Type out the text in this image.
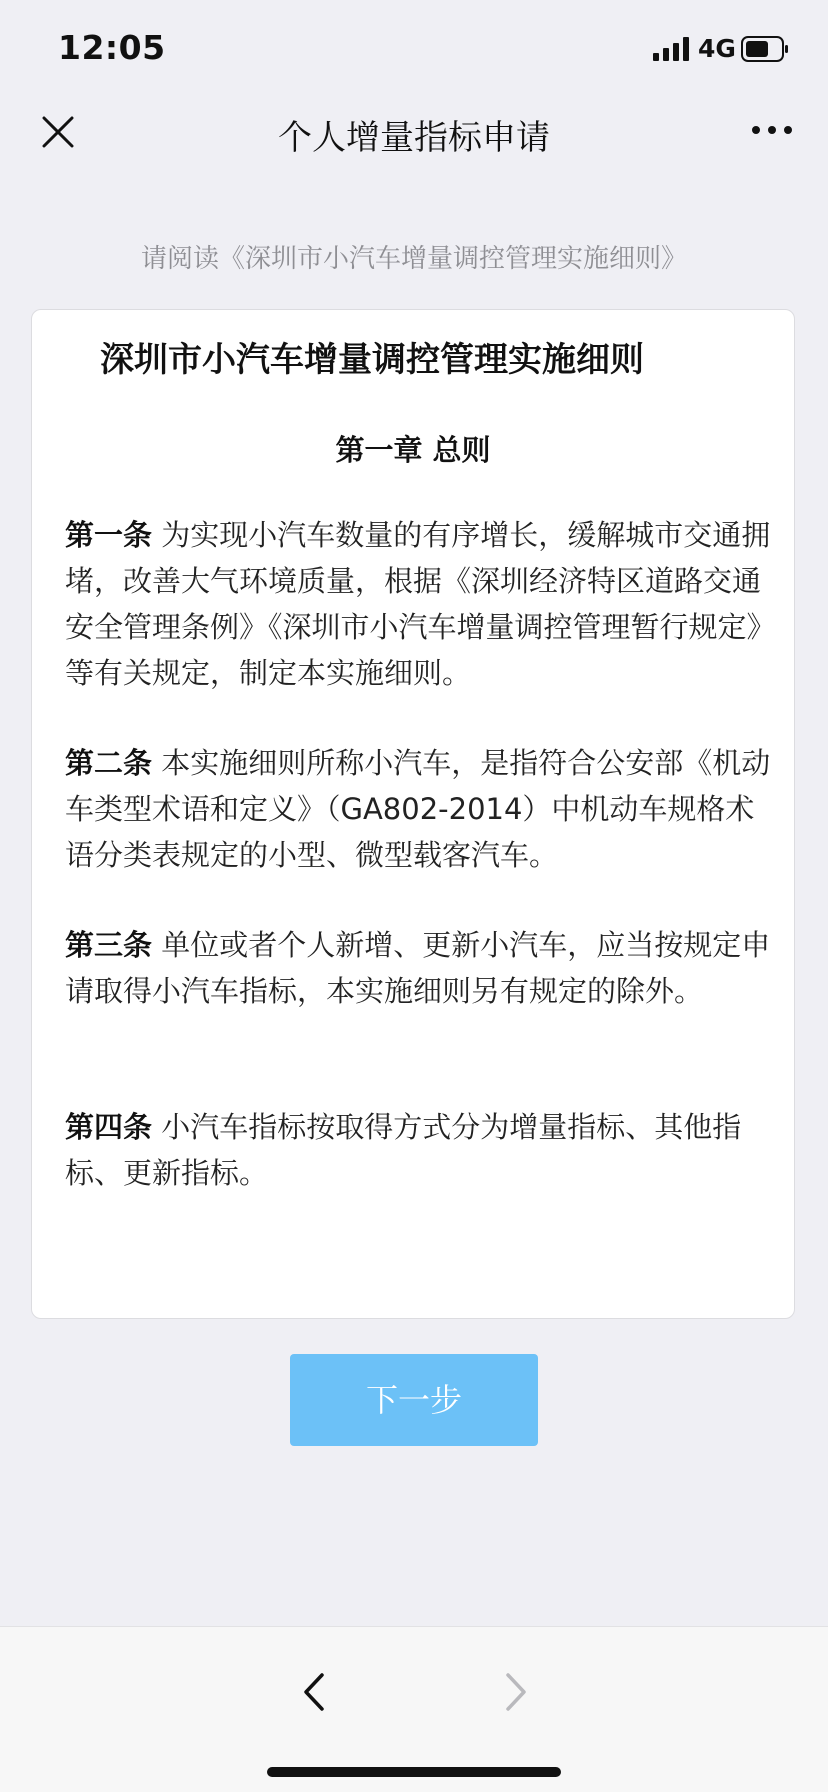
12:05	4G
个人增量指标申请
请阅读《深圳市小汽车增量调控管理实施细则》
深圳市小汽车增量调控管理实施细则
第一章 总则
第一条 为实现小汽车数量的有序增长，缓解城市交通拥堵，改善大气环境质量，根据《深圳经济特区道路交通安全管理条例》《深圳市小汽车增量调控管理暂行规定》等有关规定，制定本实施细则。
第二条 本实施细则所称小汽车，是指符合公安部《机动车类型术语和定义》（GA802-2014）中机动车规格术语分类表规定的小型、微型载客汽车。
第三条 单位或者个人新增、更新小汽车，应当按规定申请取得小汽车指标，本实施细则另有规定的除外。
第四条 小汽车指标按取得方式分为增量指标、其他指标、更新指标。
下一步
